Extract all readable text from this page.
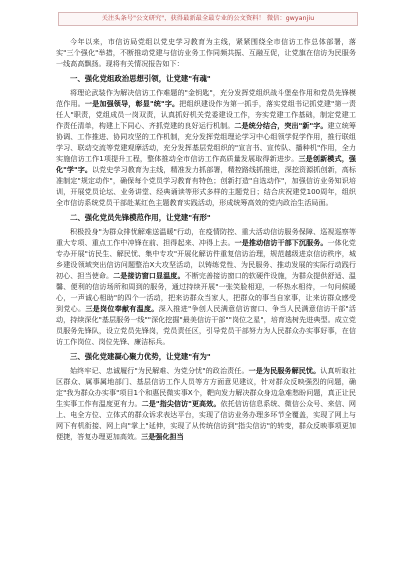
关注头条号"公文研究"，获得最新最全最专业的公文资料！ 微信：gwyanjiu

今年以来，市信访局党组以党史学习教育为主线，紧紧围绕全市信访工作总体部署，落实"三个强化"举措，不断推动党建与信访业务工作同频共振、互融互促，让党旗在信访为民服务一线高高飘扬。现将有关情况报告如下：

一、强化党组政治思想引领，让党建"有魂"

将理论武装作为解决信访工作难题的"金钥匙"，充分发挥党组织战斗堡垒作用和党员先锋模范作用。一是加强领导，彰显"统"字。把组织建设作为第一抓手，落实党组书记抓党建"第一责任人"职责，党组成员一岗双责，认真抓好机关党委建设工作，夯实党建工作基础，制定党建工作责任清单，构建上下同心、齐抓党建的良好运行机制。二是统分结合，突出"新"字。建立统筹协调、工作推进、协同攻坚的工作机制，充分发挥党组理论学习中心组领学促学作用，推行联组学习、联动交流等党建观摩活动，充分发挥基层党组织的"宣言书、宣传队、播种机"作用，全力实施信访工作1项提升工程，整体推动全市信访工作高质量发展取得新进步。三是创新模式，强化"学"字。以党史学习教育为主线，精准发力抓部署，精控路线抓推进，深挖资源抓创新，高标准制定"规定动作"，确保每个党员学习教育有特色；创新打造"自选动作"，加强信访业务知识培训，开展党员论坛、业务讲堂、经典诵读等形式多样的主题党日；结合庆祝建党100周年，组织全市信访系统党员干部赴某红色主题教育实践活动，形成统筹高效的党内政治生活局面。

二、强化党员先锋模范作用，让党建"有形"

积极投身"为群众排忧解难送温暖"行动，在疫情防控、重大活动信访服务保障、巡视巡察等重大专项、重点工作中冲锋在前、担得起来、冲得上去。一是推动信访干部下沉服务。一体化党专办开展"访民生、解民忧、集中专攻"开展化解访件重复信访治理，规范越级进京信访秩序，城乡建设领域突出信访问题整治X大攻坚活动，以铸练党性、为民服务、推动发展的实际行动践行初心、担当使命。二是接访窗口显温度。不断完善接访窗口的软硬件设施，为群众提供舒适、温馨、便利的信访场所和周到的服务，通过持续开展"一张笑脸相迎，一杯热水相待，一句问候暖心，一声诚心相助"的四个一活动，把来访群众当家人，把群众的事当自家事，让来访群众感受到党心。三是岗位奉献有温度。深入推进"争创人民满意信访窗口、争当人民满意信访干部"活动，持续深化"基层服务一线""深化挖掘"最美信访干部""岗位之星"，培育选树先进典型。成立党员服务先锋队，设立党员先锋岗，党员责任区，引导党员干部努力为人民群众办实事好事，在信访工作岗位、岗位先锋、廉洁标兵。

三、强化党建凝心聚力优势，让党建"有为"

始终牢记、忠诚履行"为民解难、为党分忧"的政治责任。一是为民服务解民忧。认真听取社区群众、属事属地部门、基层信访工作人员等方方面意见建议，针对群众反映强烈的问题，确定"我为群众办实事"项目1个和惠民微实事X个，靶向发力解决群众身边急难愁盼问题，真正让民生实事工作有温度更有力。二是"指尖信访"更高效。依托信访信息系统、微信公众号、来信、网上、电全方位、立体式的群众诉求表达平台，实现了信访业务办理多环节全覆盖，实现了网上与网下有机衔接、网上向"掌上"延伸，实现了从传统信访到"指尖信访"的转变，群众反映事项更加便捷，答复办理更加高效。三是强化担当
